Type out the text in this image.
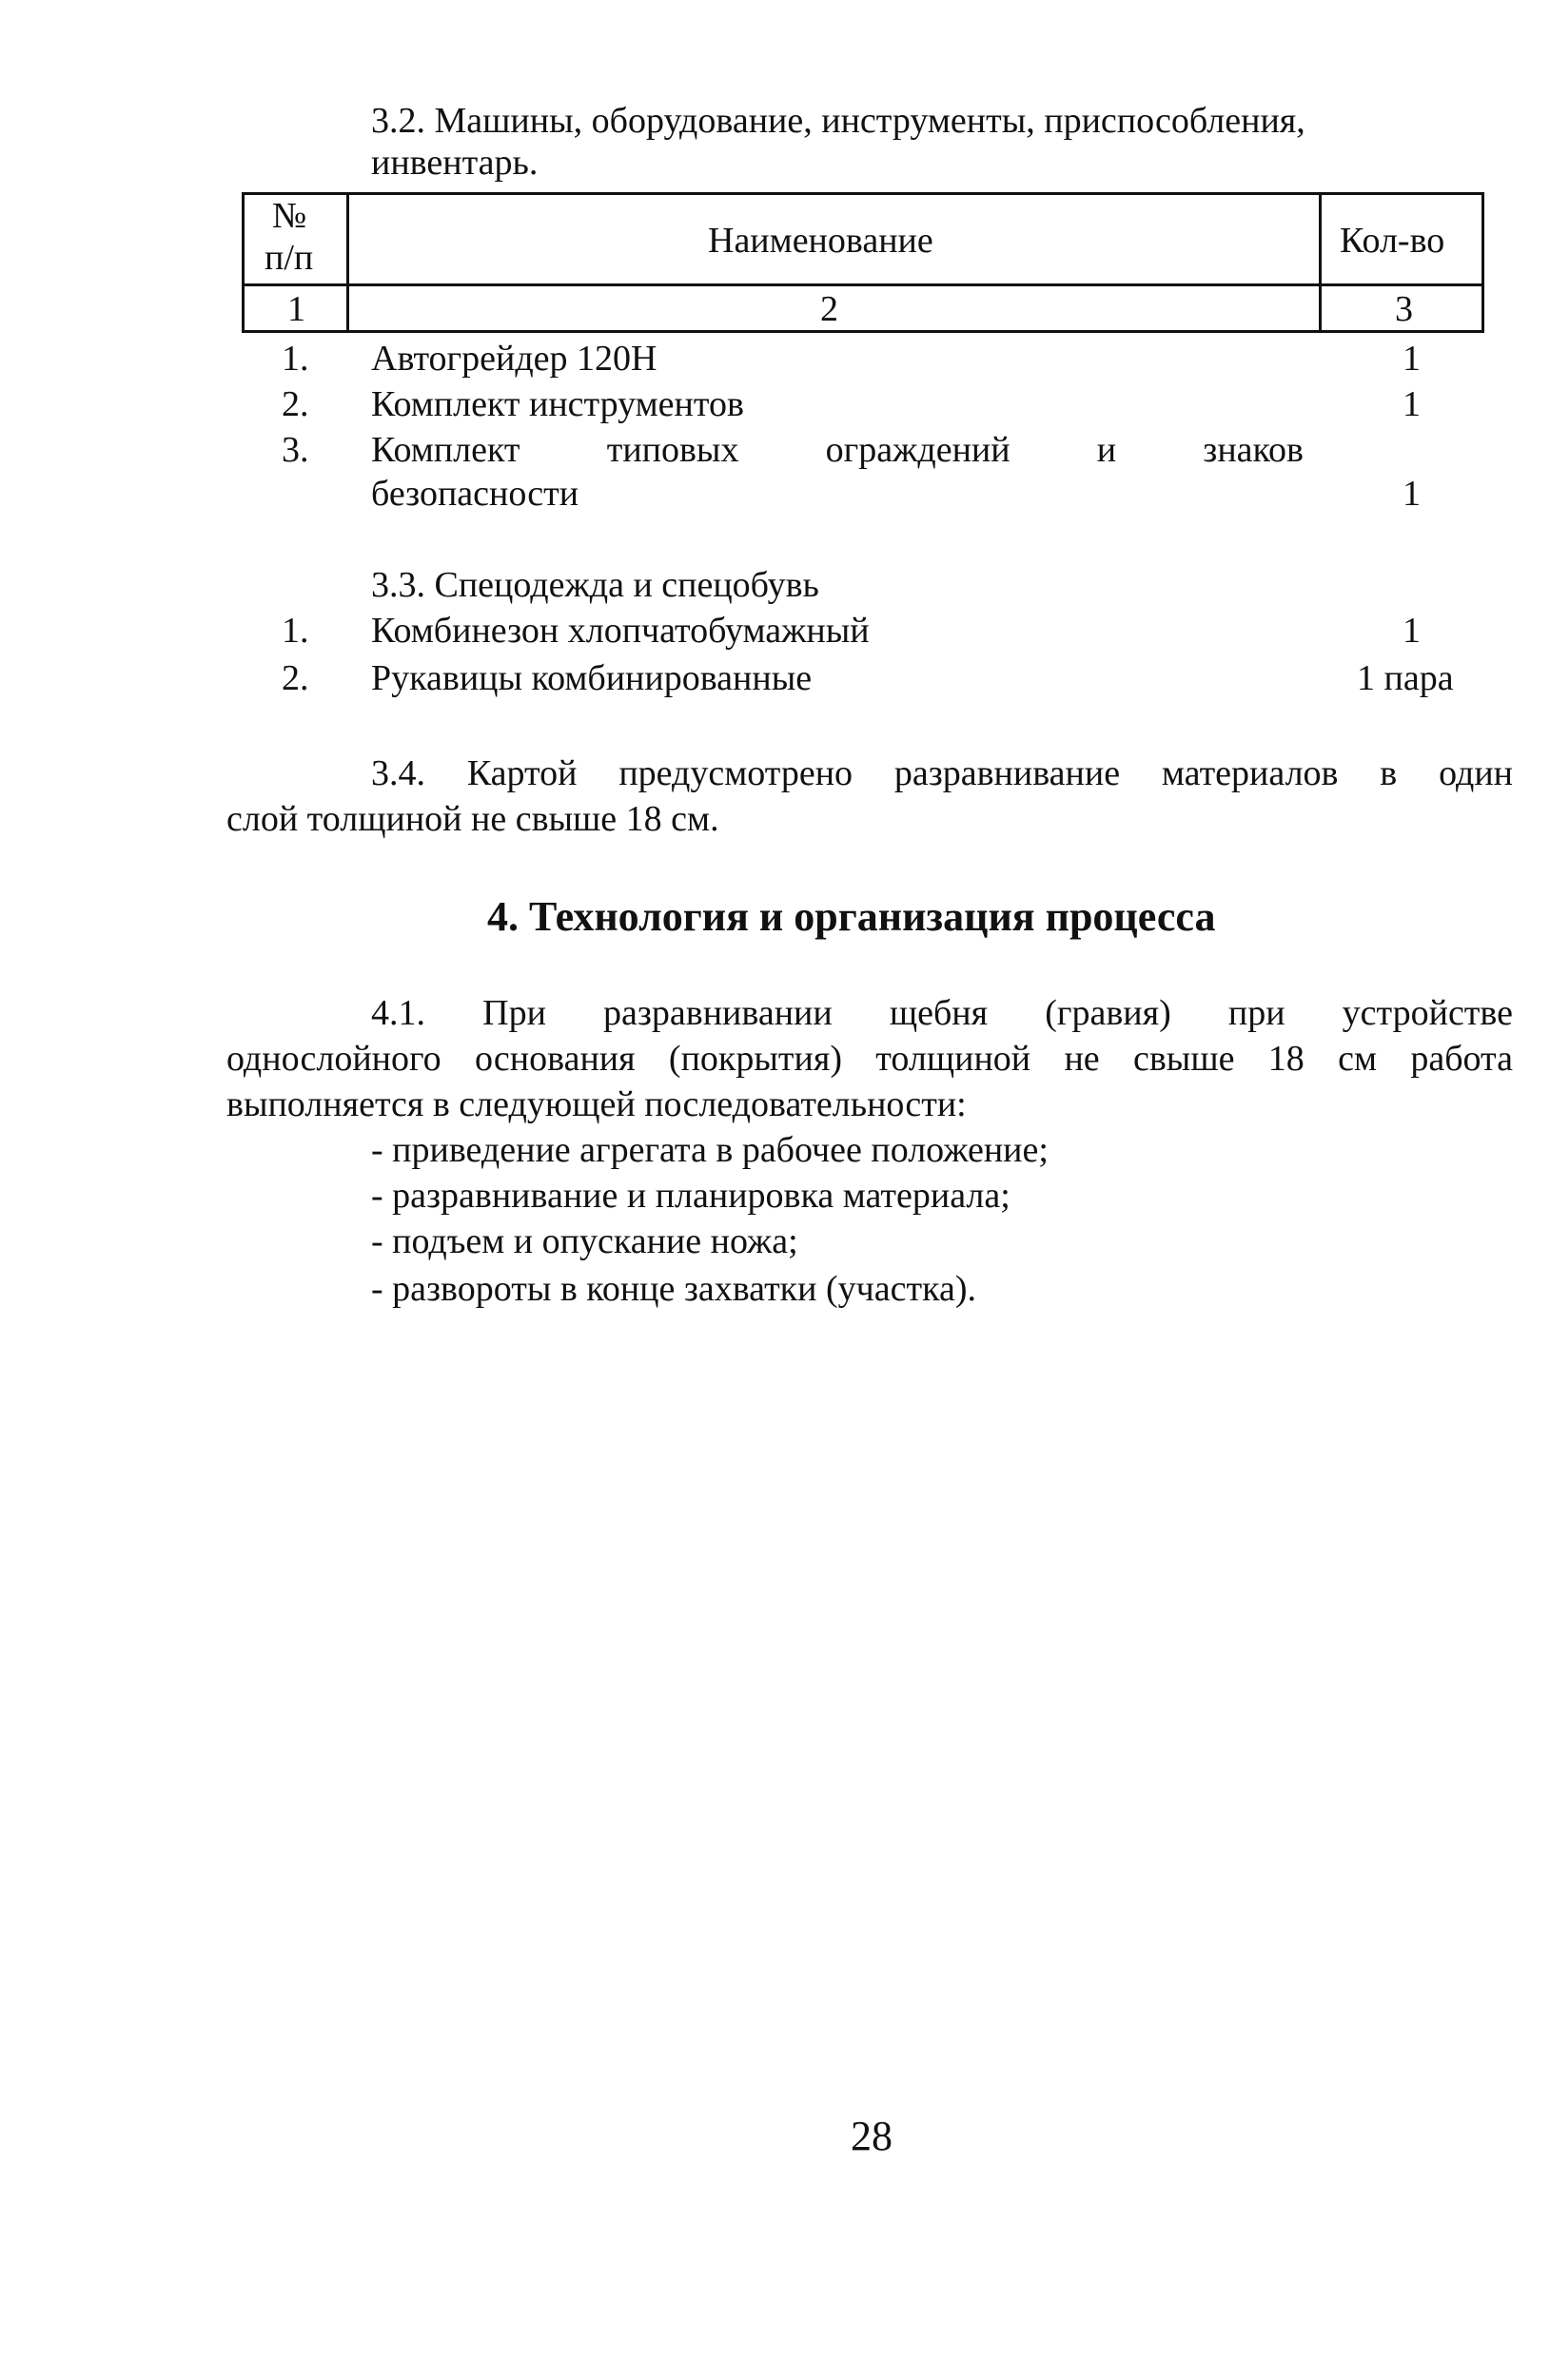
3.2. Машины, оборудование, инструменты, приспособления,
инвентарь.
№
п/п	Наименование	Кол-во
1	2	3
1. Автогрейдер 120Н	1
2. Комплект инструментов	1
3. Комплект типовых ограждений и знаков
безопасности	1
3.3. Спецодежда и спецобувь
1. Комбинезон хлопчатобумажный	1
2. Рукавицы комбинированные	1 пара
3.4. Картой предусмотрено разравнивание материалов в один
слой толщиной не свыше 18 см.
4. Технология и организация процесса
4.1. При разравнивании щебня (гравия) при устройстве
однослойного основания (покрытия) толщиной не свыше 18 см работа
выполняется в следующей последовательности:
- приведение агрегата в рабочее положение;
- разравнивание и планировка материала;
- подъем и опускание ножа;
- развороты в конце захватки (участка).
28
